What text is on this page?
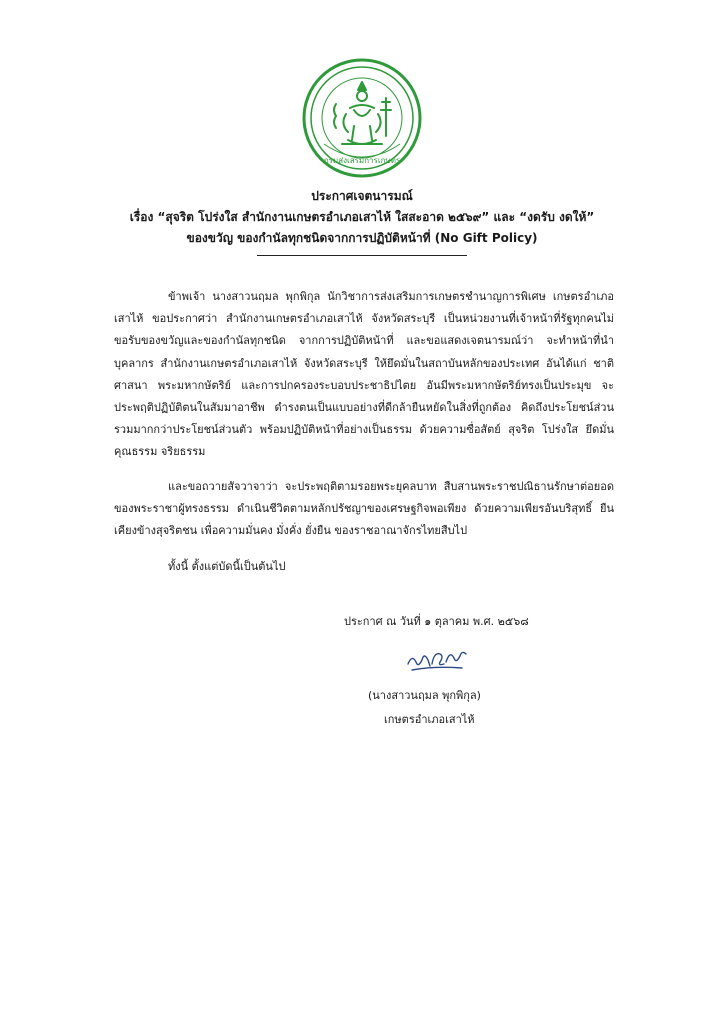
กรมส่งเสริมการเกษตร
ประกาศเจตนารมณ์
เรื่อง “สุจริต โปร่งใส สำนักงานเกษตรอำเภอเสาไห้ ใสสะอาด ๒๕๖๙” และ “งดรับ งดให้”
ของขวัญ ของกำนัลทุกชนิดจากการปฏิบัติหน้าที่ (No Gift Policy)

ข้าพเจ้า นางสาวนฤมล พุกพิกุล นักวิชาการส่งเสริมการเกษตรชำนาญการพิเศษ เกษตรอำเภอเสาไห้ ขอประกาศว่า สำนักงานเกษตรอำเภอเสาไห้ จังหวัดสระบุรี เป็นหน่วยงานที่เจ้าหน้าที่รัฐทุกคนไม่ขอรับของขวัญและของกำนัลทุกชนิด จากการปฏิบัติหน้าที่ และขอแสดงเจตนารมณ์ว่า จะทำหน้าที่นำบุคลากร สำนักงานเกษตรอำเภอเสาไห้ จังหวัดสระบุรี ให้ยึดมั่นในสถาบันหลักของประเทศ อันได้แก่ ชาติ ศาสนา พระมหากษัตริย์ และการปกครองระบอบประชาธิปไตย อันมีพระมหากษัตริย์ทรงเป็นประมุข จะประพฤติปฏิบัติตนในสัมมาอาชีพ ดำรงตนเป็นแบบอย่างที่ดีกล้ายืนหยัดในสิ่งที่ถูกต้อง คิดถึงประโยชน์ส่วนรวมมากกว่าประโยชน์ส่วนตัว พร้อมปฏิบัติหน้าที่อย่างเป็นธรรม ด้วยความซื่อสัตย์ สุจริต โปร่งใส ยึดมั่นคุณธรรม จริยธรรม

และขอถวายสัจวาจาว่า จะประพฤติตามรอยพระยุคลบาท สืบสานพระราชปณิธานรักษาต่อยอดของพระราชาผู้ทรงธรรม ดำเนินชีวิตตามหลักปรัชญาของเศรษฐกิจพอเพียง ด้วยความเพียรอันบริสุทธิ์ ยืนเคียงข้างสุจริตชน เพื่อความมั่นคง มั่งคั่ง ยั่งยืน ของราชอาณาจักรไทยสืบไป

ทั้งนี้ ตั้งแต่บัดนี้เป็นต้นไป

ประกาศ ณ วันที่ ๑ ตุลาคม พ.ศ. ๒๕๖๘
(นางสาวนฤมล พุกพิกุล)
เกษตรอำเภอเสาไห้
